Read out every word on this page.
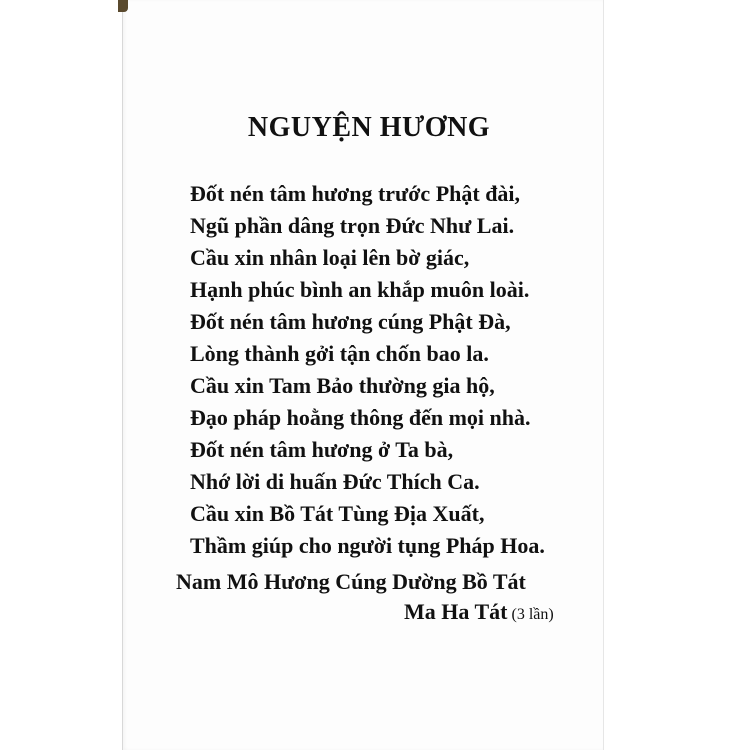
NGUYỆN HƯƠNG
Đốt nén tâm hương trước Phật đài,
Ngũ phần dâng trọn Đức Như Lai.
Cầu xin nhân loại lên bờ giác,
Hạnh phúc bình an khắp muôn loài.
Đốt nén tâm hương cúng Phật Đà,
Lòng thành gởi tận chốn bao la.
Cầu xin Tam Bảo thường gia hộ,
Đạo pháp hoằng thông đến mọi nhà.
Đốt nén tâm hương ở Ta bà,
Nhớ lời di huấn Đức Thích Ca.
Cầu xin Bồ Tát Tùng Địa Xuất,
Thầm giúp cho người tụng Pháp Hoa.
Nam Mô Hương Cúng Dường Bồ Tát
Ma Ha Tát (3 lần)
